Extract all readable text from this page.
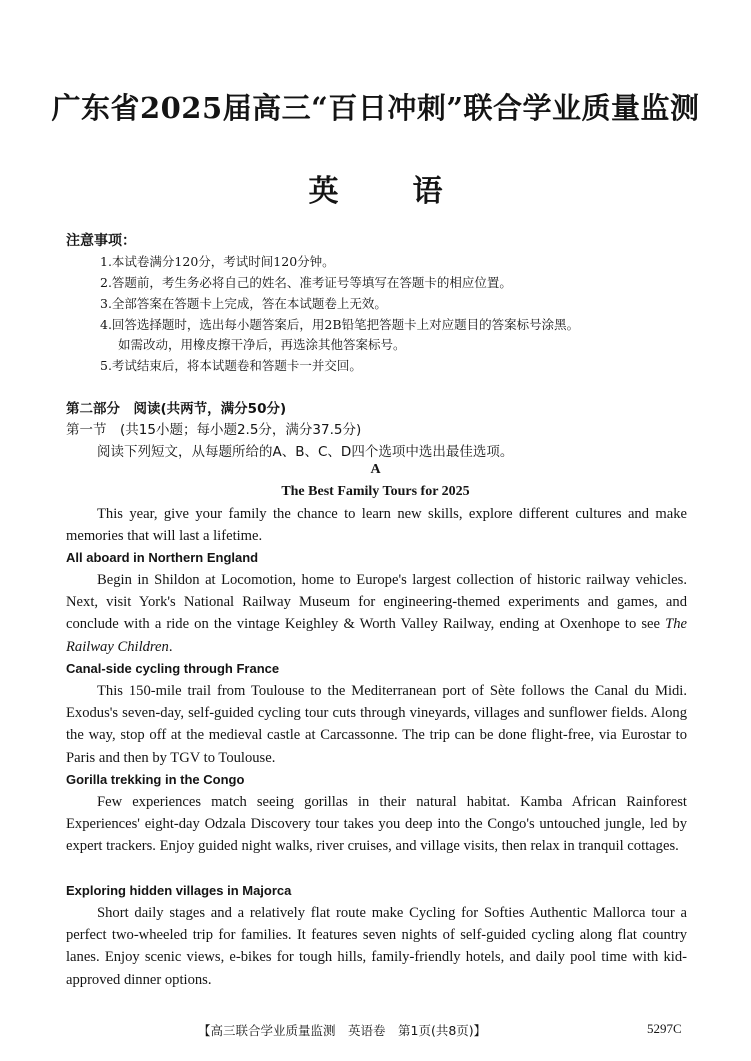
广东省2025届高三“百日冲刺”联合学业质量监测
英 语
注意事项：
1.本试卷满分120分，考试时间120分钟。
2.答题前，考生务必将自己的姓名、准考证号等填写在答题卡的相应位置。
3.全部答案在答题卡上完成，答在本试题卷上无效。
4.回答选择题时，选出每小题答案后，用2B铅笔把答题卡上对应题目的答案标号涂黑。
如需改动，用橡皮擦干净后，再选涂其他答案标号。
5.考试结束后，将本试题卷和答题卡一并交回。
第二部分　阅读(共两节，满分50分)
第一节　(共15小题；每小题2.5分，满分37.5分)
阅读下列短文，从每题所给的A、B、C、D四个选项中选出最佳选项。
A
The Best Family Tours for 2025
This year, give your family the chance to learn new skills, explore different cultures and make memories that will last a lifetime.
All aboard in Northern England
Begin in Shildon at Locomotion, home to Europe's largest collection of historic railway vehicles. Next, visit York's National Railway Museum for engineering-themed experiments and games, and conclude with a ride on the vintage Keighley & Worth Valley Railway, ending at Oxenhope to see The Railway Children.
Canal-side cycling through France
This 150-mile trail from Toulouse to the Mediterranean port of Sète follows the Canal du Midi. Exodus's seven-day, self-guided cycling tour cuts through vineyards, villages and sunflower fields. Along the way, stop off at the medieval castle at Carcassonne. The trip can be done flight-free, via Eurostar to Paris and then by TGV to Toulouse.
Gorilla trekking in the Congo
Few experiences match seeing gorillas in their natural habitat. Kamba African Rainforest Experiences' eight-day Odzala Discovery tour takes you deep into the Congo's untouched jungle, led by expert trackers. Enjoy guided night walks, river cruises, and village visits, then relax in tranquil cottages.
Exploring hidden villages in Majorca
Short daily stages and a relatively flat route make Cycling for Softies Authentic Mallorca tour a perfect two-wheeled trip for families. It features seven nights of self-guided cycling along flat country lanes. Enjoy scenic views, e-bikes for tough hills, family-friendly hotels, and daily pool time with kid-approved dinner options.
【高三联合学业质量监测　英语卷　第1页(共8页)】	5297C
